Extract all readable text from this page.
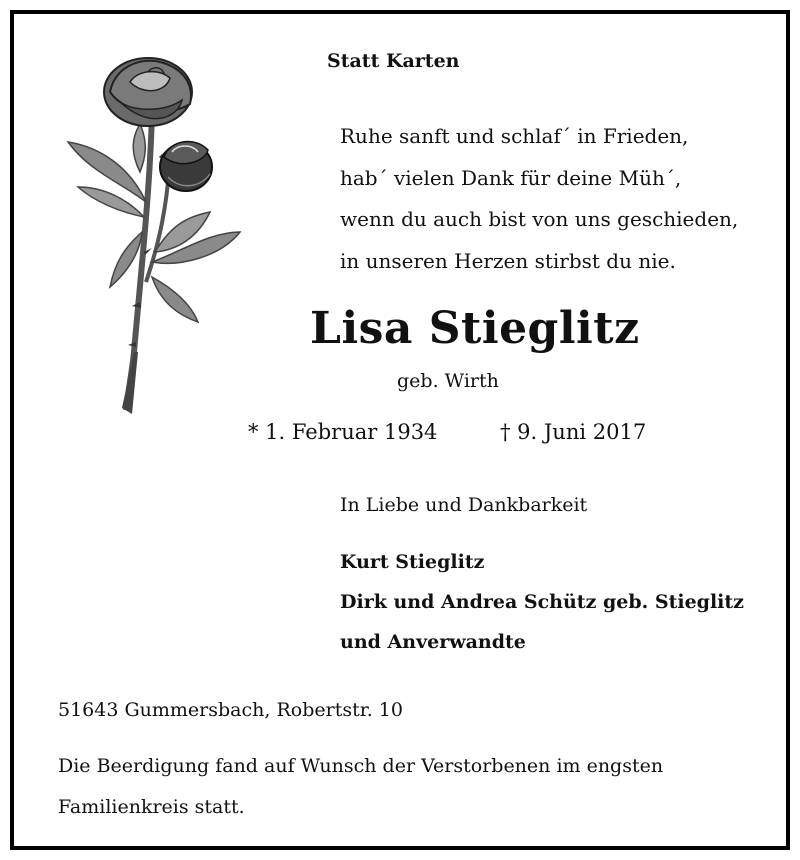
Statt Karten
Ruhe sanft und schlaf´ in Frieden,
hab´ vielen Dank für deine Müh´,
wenn du auch bist von uns geschieden,
in unseren Herzen stirbst du nie.
Lisa Stieglitz
geb. Wirth
* 1. Februar 1934	† 9. Juni 2017
In Liebe und Dankbarkeit
Kurt Stieglitz
Dirk und Andrea Schütz geb. Stieglitz
und Anverwandte
51643 Gummersbach, Robertstr. 10
Die Beerdigung fand auf Wunsch der Verstorbenen im engsten
Familienkreis statt.
